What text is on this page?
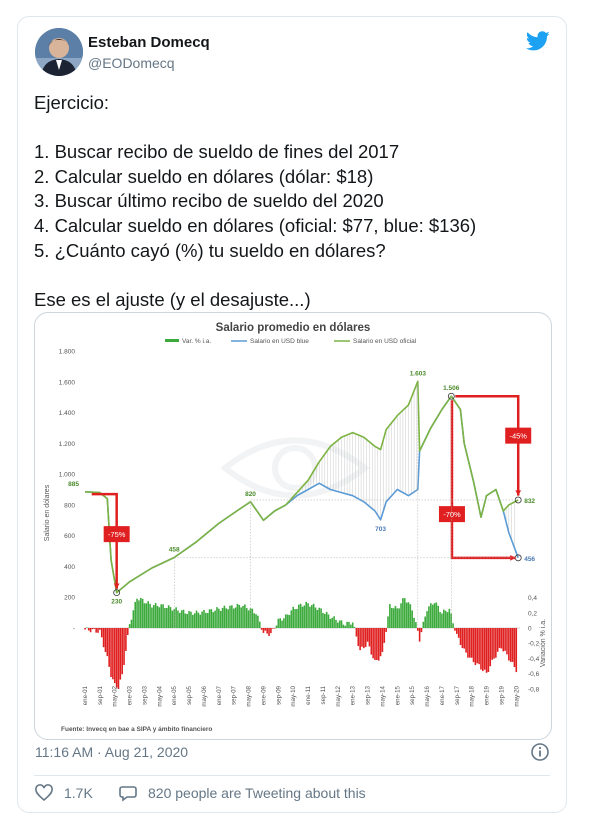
Esteban Domecq
@EODomecq
Ejercicio:
1. Buscar recibo de sueldo de fines del 2017
2. Calcular sueldo en dólares (dólar: $18)
3. Buscar último recibo de sueldo del 2020
4. Calcular sueldo en dólares (oficial: $77, blue: $136)
5. ¿Cuánto cayó (%) tu sueldo en dólares?
Ese es el ajuste (y el desajuste...)
Salario promedio en dólares
Var. % i.a.	Salario en USD blue	Salario en USD oficial
Salario en dólares
Variación % i.a.
-
200
400
600
800
1.000
1.200
1.400
1.600
1.800
-0,8
-0,6
-0,4
-0,2
0
0,2
0,4
885
230
458
820
1.603
703
1.506
832
456
-75%
-70%
-45%
ene-01 sep-01 may-02 ene-03 sep-03 may-04 ene-05 sep-05 may-06 ene-07 sep-07 may-08 ene-09 sep-09 may-10 ene-11 sep-11 may-12 ene-13 sep-13 may-14 ene-15 sep-15 may-16 ene-17 sep-17 may-18 ene-19 sep-19 may-20
Fuente: Invecq en bae a SIPA y ámbito financiero
11:16 AM · Aug 21, 2020
1.7K	820 people are Tweeting about this
